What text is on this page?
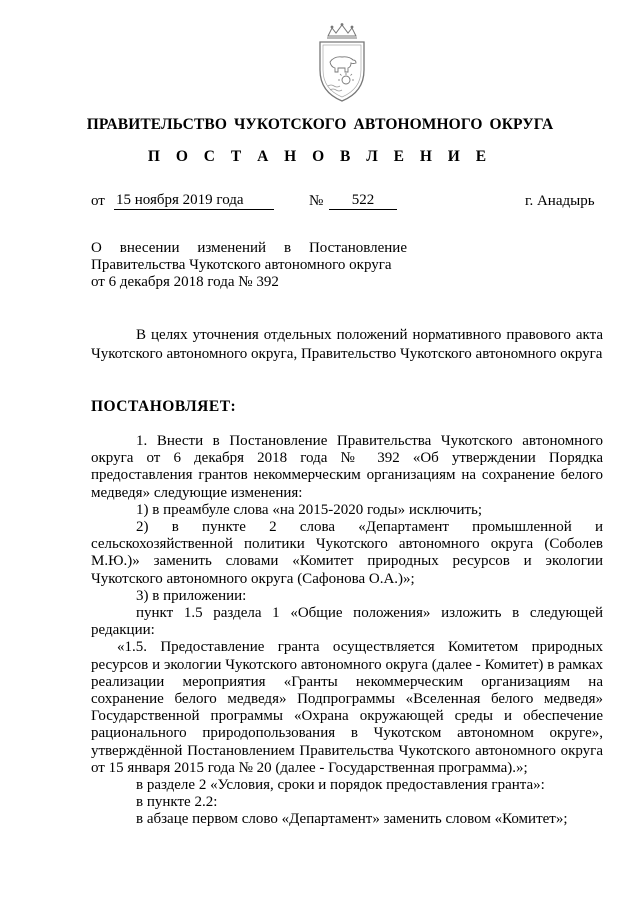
ПРАВИТЕЛЬСТВО ЧУКОТСКОГО АВТОНОМНОГО ОКРУГА
П О С Т А Н О В Л Е Н И Е
от 15 ноября 2019 года	№	522	г. Анадырь
О внесении изменений в Постановление
Правительства Чукотского автономного округа
от 6 декабря 2018 года № 392
В целях уточнения отдельных положений нормативного правового акта Чукотского автономного округа, Правительство Чукотского автономного округа
ПОСТАНОВЛЯЕТ:

1. Внести в Постановление Правительства Чукотского автономного округа от 6 декабря 2018 года № 392 «Об утверждении Порядка предоставления грантов некоммерческим организациям на сохранение белого медведя» следующие изменения:

1) в преамбуле слова «на 2015-2020 годы» исключить;

2) в пункте 2 слова «Департамент промышленной и сельскохозяйственной политики Чукотского автономного округа (Соболев М.Ю.)» заменить словами «Комитет природных ресурсов и экологии Чукотского автономного округа (Сафонова О.А.)»;

3) в приложении:

пункт 1.5 раздела 1 «Общие положения» изложить в следующей редакции:

«1.5. Предоставление гранта осуществляется Комитетом природных ресурсов и экологии Чукотского автономного округа (далее - Комитет) в рамках реализации мероприятия «Гранты некоммерческим организациям на сохранение белого медведя» Подпрограммы «Вселенная белого медведя» Государственной программы «Охрана окружающей среды и обеспечение рационального природопользования в Чукотском автономном округе», утверждённой Постановлением Правительства Чукотского автономного округа от 15 января 2015 года № 20 (далее - Государственная программа).»;

в разделе 2 «Условия, сроки и порядок предоставления гранта»:

в пункте 2.2:

в абзаце первом слово «Департамент» заменить словом «Комитет»;
